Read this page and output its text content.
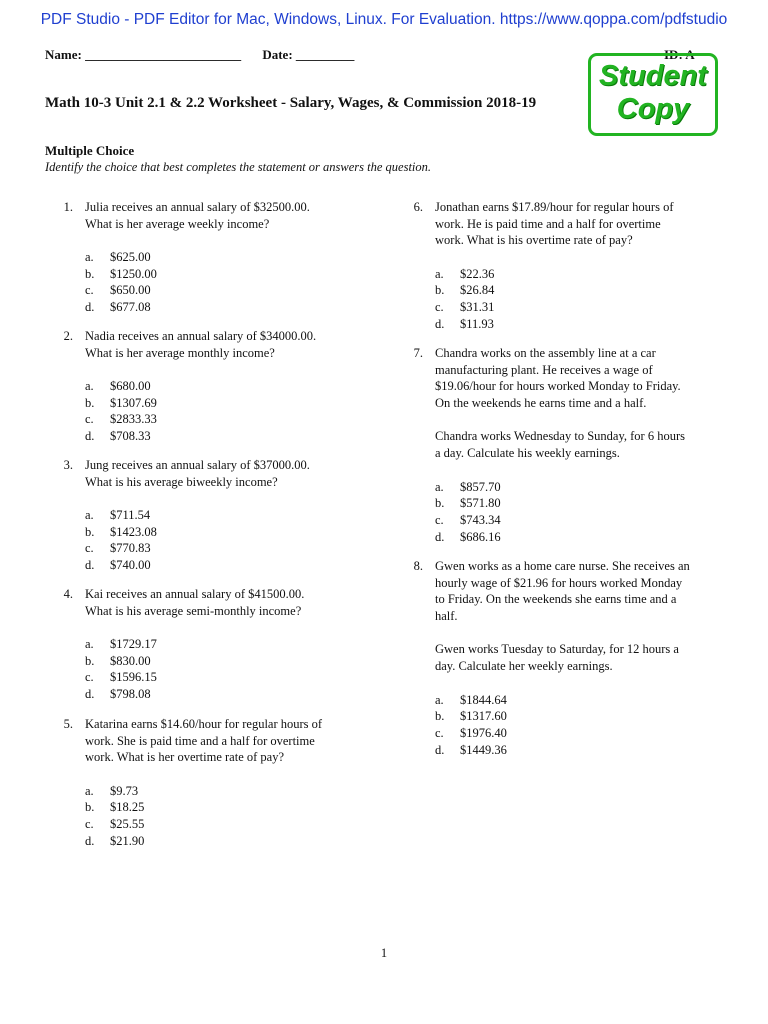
PDF Studio - PDF Editor for Mac, Windows, Linux. For Evaluation. https://www.qoppa.com/pdfstudio
Name: ________________________ Date: _________	ID: A
Student
Copy
Math 10-3 Unit 2.1 & 2.2 Worksheet - Salary, Wages, & Commission 2018-19
Multiple Choice
Identify the choice that best completes the statement or answers the question.
1. Julia receives an annual salary of $32500.00.
What is her average weekly income?
a. $625.00
b. $1250.00
c. $650.00
d. $677.08
2. Nadia receives an annual salary of $34000.00.
What is her average monthly income?
a. $680.00
b. $1307.69
c. $2833.33
d. $708.33
3. Jung receives an annual salary of $37000.00.
What is his average biweekly income?
a. $711.54
b. $1423.08
c. $770.83
d. $740.00
4. Kai receives an annual salary of $41500.00.
What is his average semi-monthly income?
a. $1729.17
b. $830.00
c. $1596.15
d. $798.08
5. Katarina earns $14.60/hour for regular hours of
work. She is paid time and a half for overtime
work. What is her overtime rate of pay?
a. $9.73
b. $18.25
c. $25.55
d. $21.90
6. Jonathan earns $17.89/hour for regular hours of
work. He is paid time and a half for overtime
work. What is his overtime rate of pay?
a. $22.36
b. $26.84
c. $31.31
d. $11.93
7. Chandra works on the assembly line at a car
manufacturing plant. He receives a wage of
$19.06/hour for hours worked Monday to Friday.
On the weekends he earns time and a half.
Chandra works Wednesday to Sunday, for 6 hours
a day. Calculate his weekly earnings.
a. $857.70
b. $571.80
c. $743.34
d. $686.16
8. Gwen works as a home care nurse. She receives an
hourly wage of $21.96 for hours worked Monday
to Friday. On the weekends she earns time and a
half.
Gwen works Tuesday to Saturday, for 12 hours a
day. Calculate her weekly earnings.
a. $1844.64
b. $1317.60
c. $1976.40
d. $1449.36
1
